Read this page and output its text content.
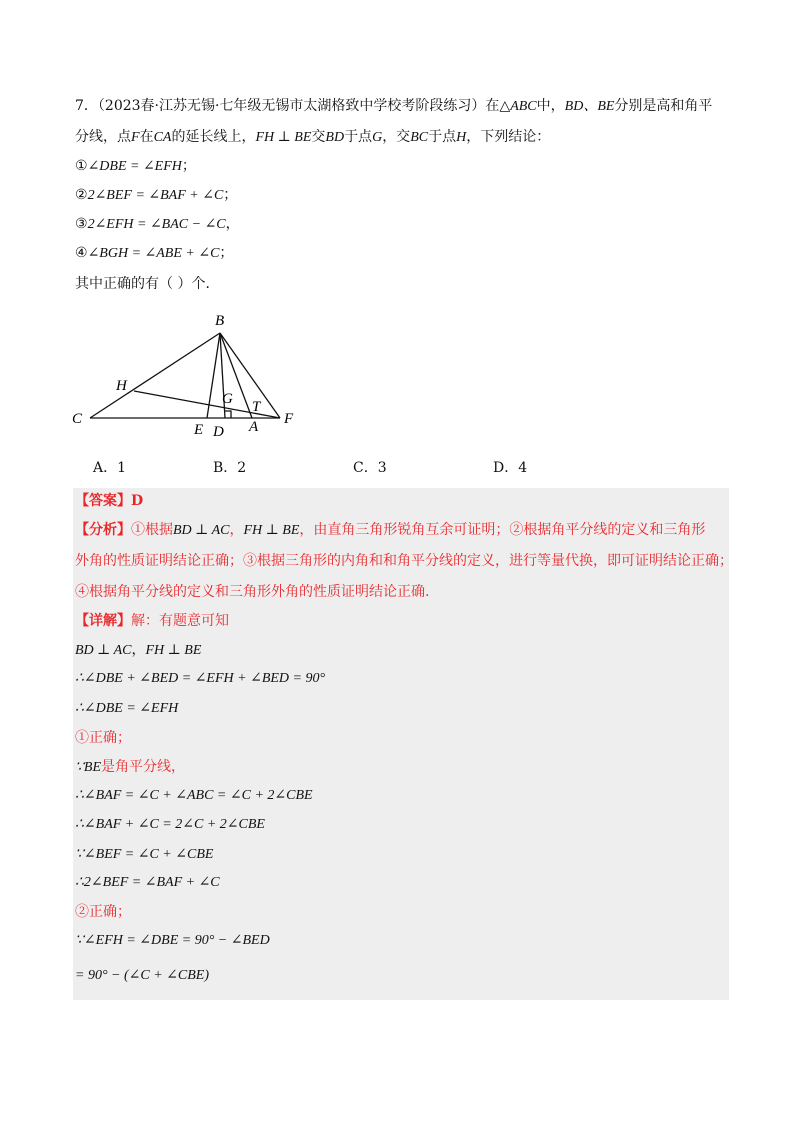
7．（2023春·江苏无锡·七年级无锡市太湖格致中学校考阶段练习）在△ABC中，BD、BE分别是高和角平
分线，点F在CA的延长线上，FH ⊥ BE交BD于点G，交BC于点H，下列结论：
①∠DBE = ∠EFH；
②2∠BEF = ∠BAF + ∠C；
③2∠EFH = ∠BAC − ∠C，
④∠BGH = ∠ABE + ∠C；
其中正确的有（ ）个．
B
H
G T
C
E D A F
A．1	B．2	C．3	D．4
【答案】D
【分析】①根据BD ⊥ AC，FH ⊥ BE，由直角三角形锐角互余可证明；②根据角平分线的定义和三角形
外角的性质证明结论正确；③根据三角形的内角和和角平分线的定义，进行等量代换，即可证明结论正确；
④根据角平分线的定义和三角形外角的性质证明结论正确.
【详解】解：有题意可知
BD ⊥ AC，FH ⊥ BE
∴∠DBE + ∠BED = ∠EFH + ∠BED = 90°
∴∠DBE = ∠EFH
①正确；
∵BE是角平分线，
∴∠BAF = ∠C + ∠ABC = ∠C + 2∠CBE
∴∠BAF + ∠C = 2∠C + 2∠CBE
∵∠BEF = ∠C + ∠CBE
∴2∠BEF = ∠BAF + ∠C
②正确；
∵∠EFH = ∠DBE = 90° − ∠BED
= 90° − (∠C + ∠CBE)
